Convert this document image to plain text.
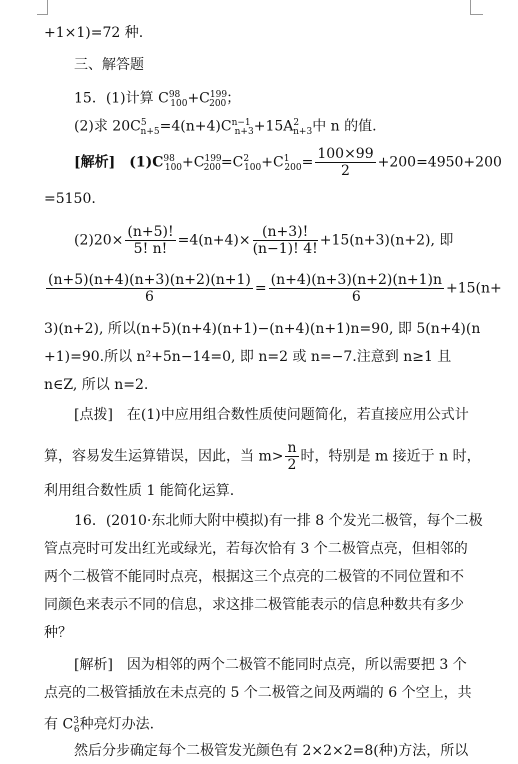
+1×1)=72 种.
三、解答题
15．(1)计算 $C^{98}_{100}+C^{199}_{200}$；
(2)求 $20C^5_{n+5}=4(n+4)C^{n-1}_{n+3}+15A^2_{n+3}$中 n 的值.
[解析]　$(1)C^{98}_{100}+C^{199}_{200}=C^2_{100}+C^1_{200}= \frac{100\times 99}{2} +200=4950+200$
=5150.
$(2)20\times \frac{(n+5)!}{5! n!} =4(n+4)\times \frac{(n+3)!}{(n-1)! 4!} +15(n+3)(n+2)$, 即
$\frac{(n+5)(n+4)(n+3)(n+2)(n+1)}{6} = \frac{(n+4)(n+3)(n+2)(n+1)n}{6} +15(n+$
3)(n+2), 所以(n+5)(n+4)(n+1)−(n+4)(n+1)n=90, 即 5(n+4)(n
+1)=90.所以 n²+5n−14=0, 即 n=2 或 n=−7.注意到 n≥1 且
n∈Z, 所以 n=2.
[点拨]　在(1)中应用组合数性质使问题简化，若直接应用公式计
算，容易发生运算错误，因此，当 $m> \frac{n}{2}$ 时，特别是 m 接近于 n 时，
利用组合数性质 1 能简化运算.
16．(2010·东北师大附中模拟)有一排 8 个发光二极管，每个二极
管点亮时可发出红光或绿光，若每次恰有 3 个二极管点亮，但相邻的
两个二极管不能同时点亮，根据这三个点亮的二极管的不同位置和不
同颜色来表示不同的信息，求这排二极管能表示的信息种数共有多少
种？
[解析]　因为相邻的两个二极管不能同时点亮，所以需要把 3 个
点亮的二极管插放在未点亮的 5 个二极管之间及两端的 6 个空上，共
有 $C^3_6$种亮灯办法.
然后分步确定每个二极管发光颜色有 2×2×2=8(种)方法，所以
